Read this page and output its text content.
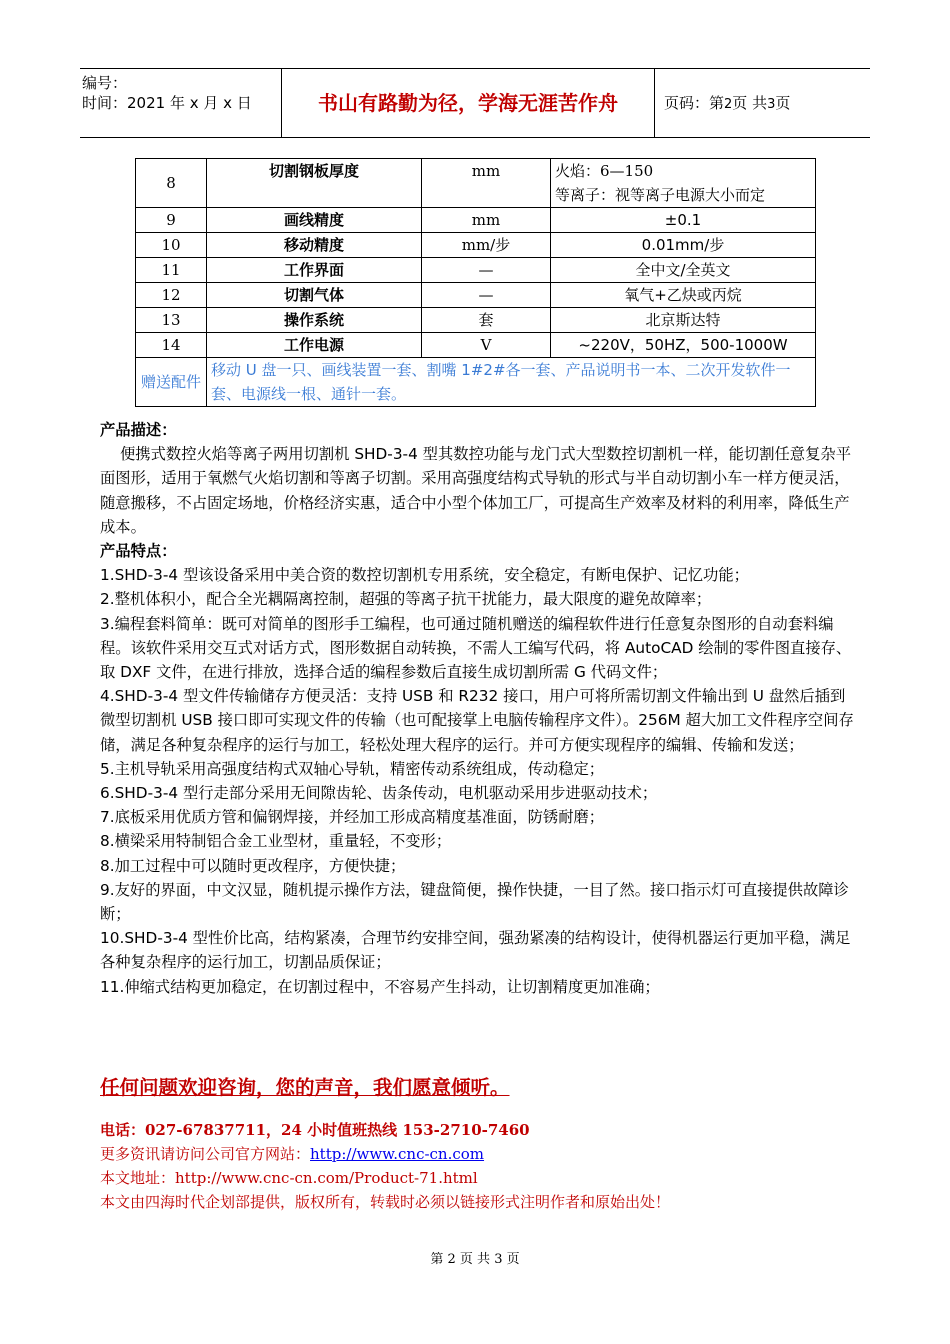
编号：
时间：2021 年 x 月 x 日	书山有路勤为径，学海无涯苦作舟	页码：第2页 共3页
8	切割钢板厚度	mm	火焰：6—150
等离子：视等离子电源大小而定

9	画线精度	mm	±0.1
10	移动精度	mm/步	0.01mm/步
11	工作界面	—	全中文/全英文
12	切割气体	—	氧气+乙炔或丙烷
13	操作系统	套	北京斯达特
14	工作电源	V	~220V，50HZ，500-1000W
赠送配件	移动 U 盘一只、画线装置一套、割嘴 1#2#各一套、产品说明书一本、二次开发软件一套、电源线一根、通针一套。		

产品描述：

便携式数控火焰等离子两用切割机 SHD-3-4 型其数控功能与龙门式大型数控切割机一样，能切割任意复杂平面图形，适用于氧燃气火焰切割和等离子切割。采用高强度结构式导轨的形式与半自动切割小车一样方便灵活，随意搬移，不占固定场地，价格经济实惠，适合中小型个体加工厂，可提高生产效率及材料的利用率，降低生产成本。

产品特点：

1.SHD-3-4 型该设备采用中美合资的数控切割机专用系统，安全稳定，有断电保护、记忆功能；

2.整机体积小，配合全光耦隔离控制，超强的等离子抗干扰能力，最大限度的避免故障率；

3.编程套料简单：既可对简单的图形手工编程，也可通过随机赠送的编程软件进行任意复杂图形的自动套料编程。该软件采用交互式对话方式，图形数据自动转换，不需人工编写代码，将 AutoCAD 绘制的零件图直接存、取 DXF 文件，在进行排放，选择合适的编程参数后直接生成切割所需 G 代码文件；

4.SHD-3-4 型文件传输储存方便灵活：支持 USB 和 R232 接口，用户可将所需切割文件输出到 U 盘然后插到微型切割机 USB 接口即可实现文件的传输（也可配接掌上电脑传输程序文件）。256M 超大加工文件程序空间存储，满足各种复杂程序的运行与加工，轻松处理大程序的运行。并可方便实现程序的编辑、传输和发送；

5.主机导轨采用高强度结构式双轴心导轨，精密传动系统组成，传动稳定；

6.SHD-3-4 型行走部分采用无间隙齿轮、齿条传动，电机驱动采用步进驱动技术；

7.底板采用优质方管和偏钢焊接，并经加工形成高精度基准面，防锈耐磨；

8.横梁采用特制铝合金工业型材，重量轻，不变形；

8.加工过程中可以随时更改程序，方便快捷；

9.友好的界面，中文汉显，随机提示操作方法，键盘简便，操作快捷，一目了然。接口指示灯可直接提供故障诊断；

10.SHD-3-4 型性价比高，结构紧凑，合理节约安排空间，强劲紧凑的结构设计，使得机器运行更加平稳，满足各种复杂程序的运行加工，切割品质保证；

11.伸缩式结构更加稳定，在切割过程中，不容易产生抖动，让切割精度更加准确；

任何问题欢迎咨询，您的声音，我们愿意倾听。
电话：027-67837711，24 小时值班热线 153-2710-7460
更多资讯请访问公司官方网站：http://www.cnc-cn.com
本文地址：http://www.cnc-cn.com/Product-71.html
本文由四海时代企划部提供，版权所有，转载时必须以链接形式注明作者和原始出处！
第 2 页 共 3 页
